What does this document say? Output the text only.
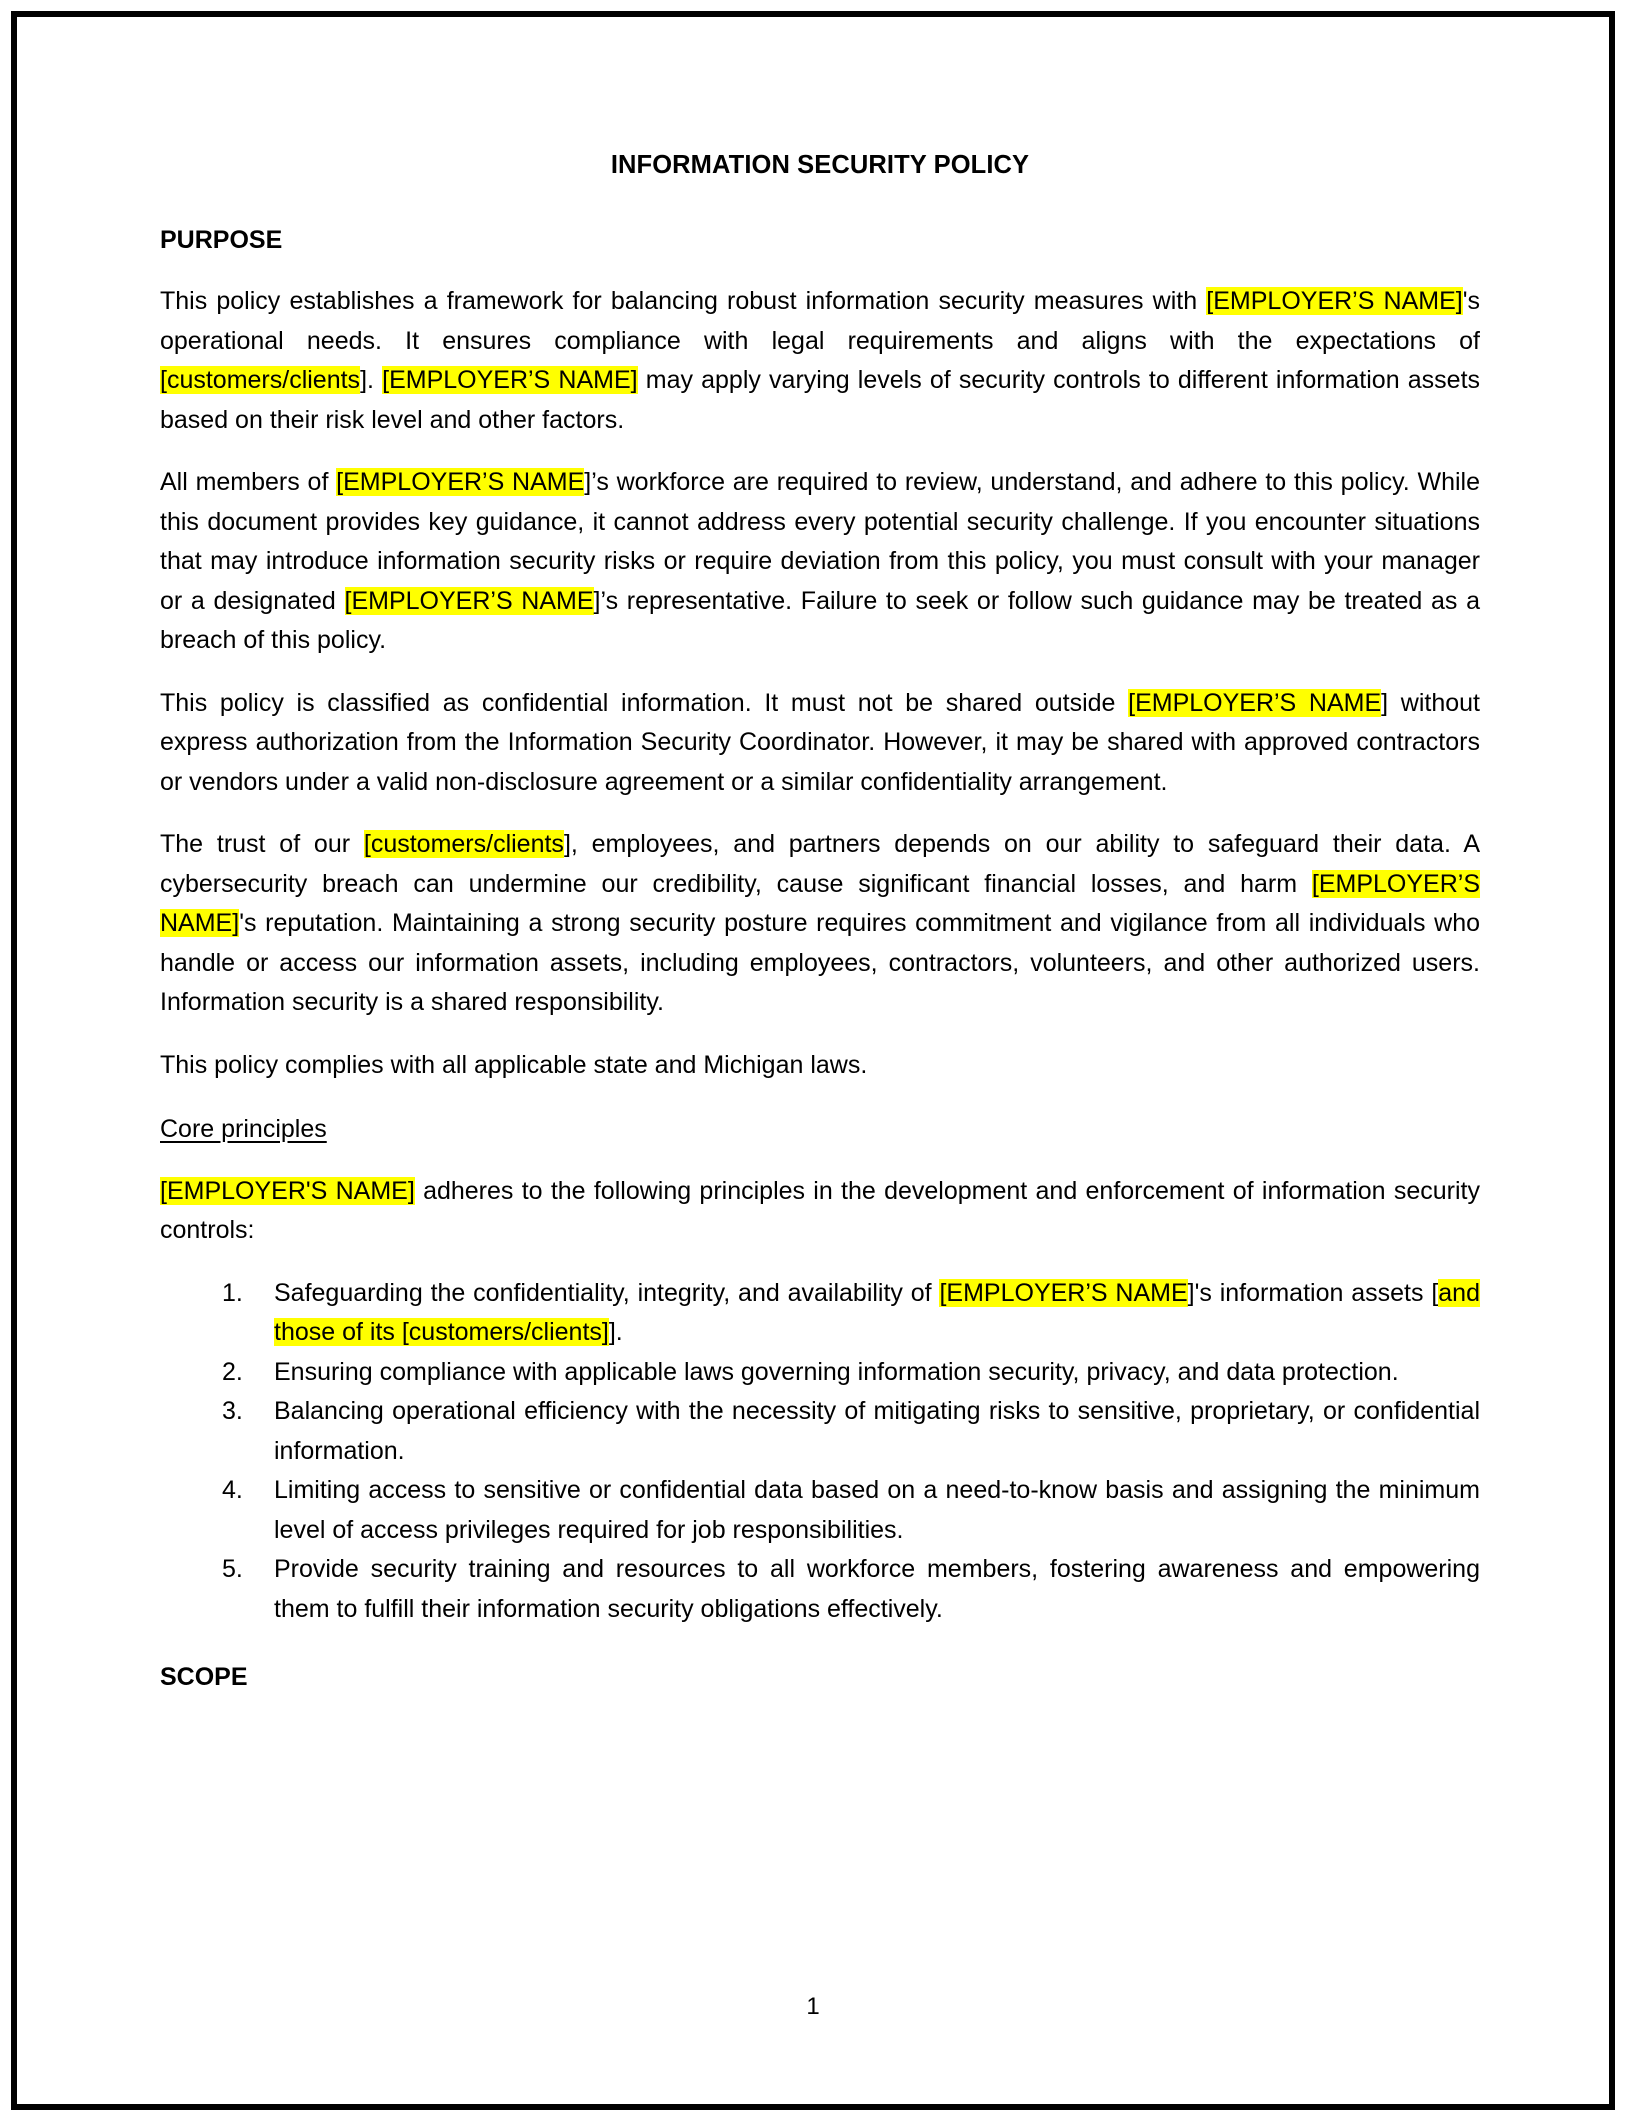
INFORMATION SECURITY POLICY
PURPOSE

This policy establishes a framework for balancing robust information security measures with [EMPLOYER’S NAME]'s operational needs. It ensures compliance with legal requirements and aligns with the expectations of [customers/clients]. [EMPLOYER’S NAME] may apply varying levels of security controls to different information assets based on their risk level and other factors.

All members of [EMPLOYER’S NAME]’s workforce are required to review, understand, and adhere to this policy. While this document provides key guidance, it cannot address every potential security challenge. If you encounter situations that may introduce information security risks or require deviation from this policy, you must consult with your manager or a designated [EMPLOYER’S NAME]’s representative. Failure to seek or follow such guidance may be treated as a breach of this policy.

This policy is classified as confidential information. It must not be shared outside [EMPLOYER’S NAME] without express authorization from the Information Security Coordinator. However, it may be shared with approved contractors or vendors under a valid non-disclosure agreement or a similar confidentiality arrangement.

The trust of our [customers/clients], employees, and partners depends on our ability to safeguard their data. A cybersecurity breach can undermine our credibility, cause significant financial losses, and harm [EMPLOYER’S NAME]'s reputation. Maintaining a strong security posture requires commitment and vigilance from all individuals who handle or access our information assets, including employees, contractors, volunteers, and other authorized users. Information security is a shared responsibility.

This policy complies with all applicable state and Michigan laws.

Core principles

[EMPLOYER'S NAME] adheres to the following principles in the development and enforcement of information security controls:

Safeguarding the confidentiality, integrity, and availability of [EMPLOYER’S NAME]'s information assets [and those of its [customers/clients]].
Ensuring compliance with applicable laws governing information security, privacy, and data protection.
Balancing operational efficiency with the necessity of mitigating risks to sensitive, proprietary, or confidential information.
Limiting access to sensitive or confidential data based on a need-to-know basis and assigning the minimum level of access privileges required for job responsibilities.
Provide security training and resources to all workforce members, fostering awareness and empowering them to fulfill their information security obligations effectively.
SCOPE
1
